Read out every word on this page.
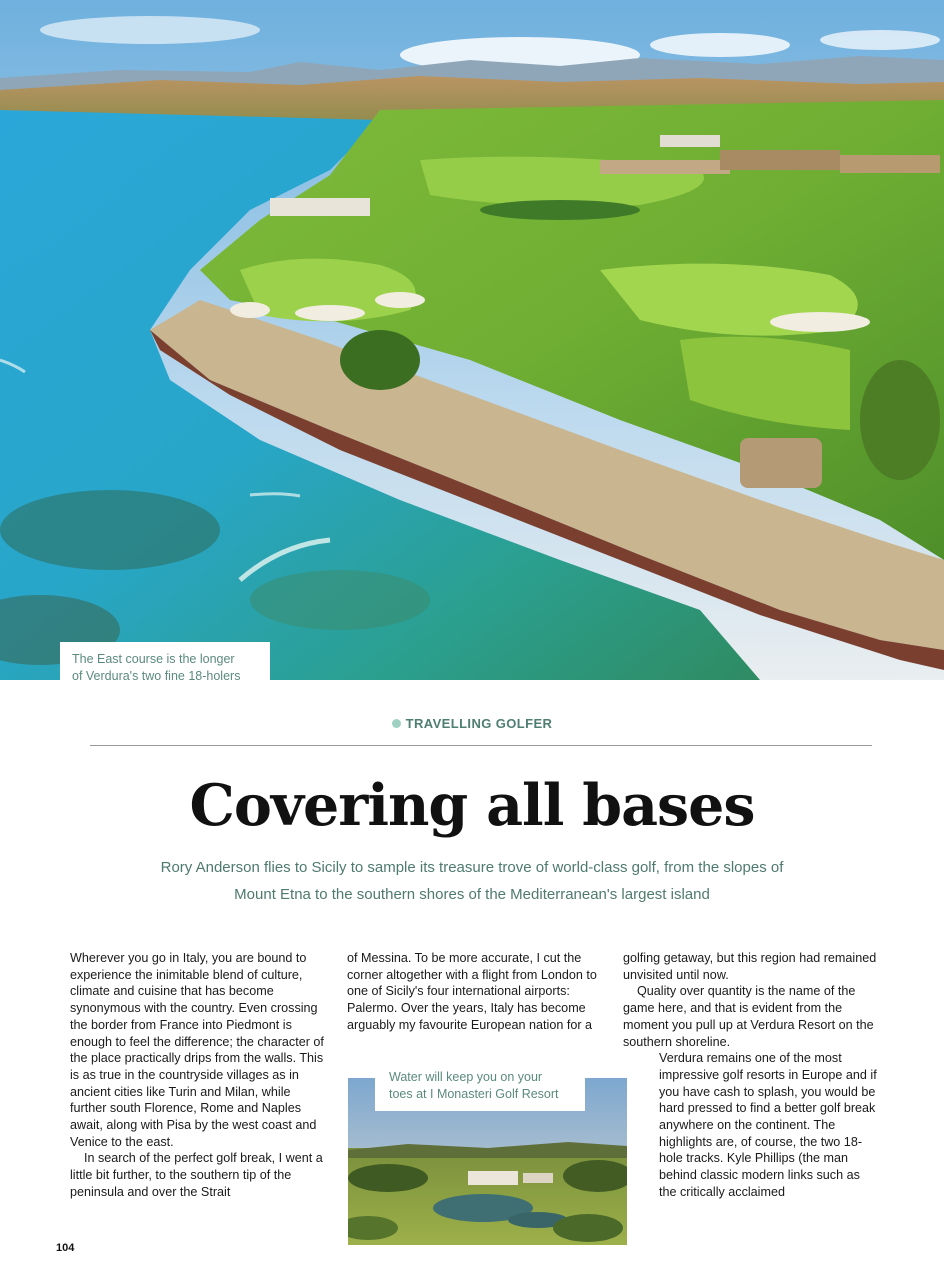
The East course is the longer
of Verdura's two fine 18-holers
TRAVELLING GOLFER
Covering all bases
Rory Anderson flies to Sicily to sample its treasure trove of world-class golf, from the slopes of
Mount Etna to the southern shores of the Mediterranean's largest island

Wherever you go in Italy, you are bound to experience the inimitable blend of culture, climate and cuisine that has become synonymous with the country. Even crossing the border from France into Piedmont is enough to feel the difference; the character of the place practically drips from the walls. This is as true in the countryside villages as in ancient cities like Turin and Milan, while further south Florence, Rome and Naples await, along with Pisa by the west coast and Venice to the east.

In search of the perfect golf break, I went a little bit further, to the southern tip of the peninsula and over the Strait

of Messina. To be more accurate, I cut the corner altogether with a flight from London to one of Sicily's four international airports: Palermo. Over the years, Italy has become arguably my favourite European nation for a

golfing getaway, but this region had remained unvisited until now.

Quality over quantity is the name of the game here, and that is evident from the moment you pull up at Verdura Resort on the southern shoreline.

Verdura remains one of the most impressive golf resorts in Europe and if you have cash to splash, you would be hard pressed to find a better golf break anywhere on the continent. The highlights are, of course, the two 18-hole tracks. Kyle Phillips (the man behind classic modern links such as the critically acclaimed

Water will keep you on your
toes at I Monasteri Golf Resort
104
